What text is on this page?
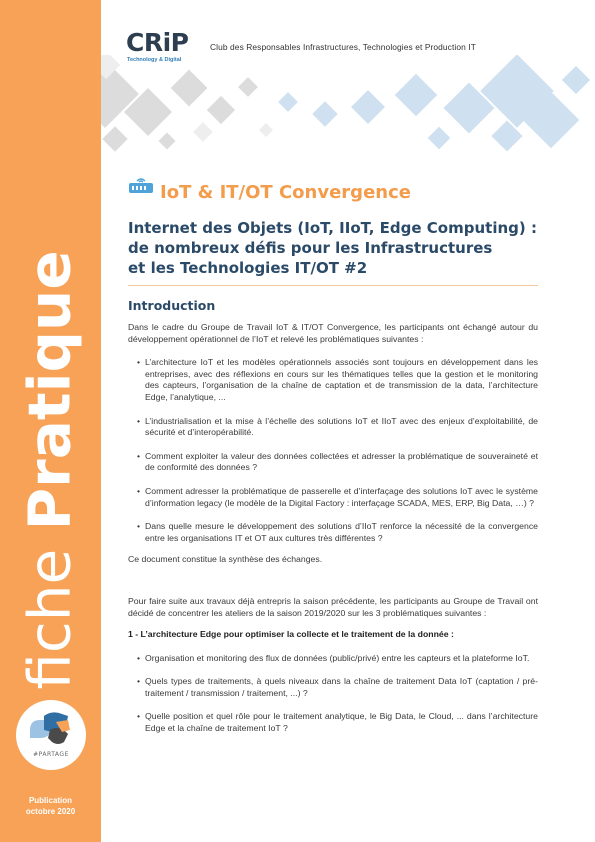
fiche Pratique
#PARTAGE
Publication
octobre 2020
CRiP
Technology & Digital
Club des Responsables Infrastructures, Technologies et Production IT
IoT & IT/OT Convergence
Internet des Objets (IoT, IIoT, Edge Computing) :
de nombreux défis pour les Infrastructures
et les Technologies IT/OT #2
Introduction

Dans le cadre du Groupe de Travail IoT & IT/OT Convergence, les participants ont échangé autour du développement opérationnel de l’IoT et relevé les problématiques suivantes :

• L’architecture IoT et les modèles opérationnels associés sont toujours en développement dans les entreprises, avec des réflexions en cours sur les thématiques telles que la gestion et le monitoring des capteurs, l’organisation de la chaîne de captation et de transmission de la data, l’architecture Edge, l’analytique, ...
• L’industrialisation et la mise à l’échelle des solutions IoT et IIoT avec des enjeux d’exploitabilité, de sécurité et d’interopérabilité.
• Comment exploiter la valeur des données collectées et adresser la problématique de souveraineté et de conformité des données ?
• Comment adresser la problématique de passerelle et d’interfaçage des solutions IoT avec le système d’information legacy (le modèle de la Digital Factory : interfaçage SCADA, MES, ERP, Big Data, …) ?
• Dans quelle mesure le développement des solutions d’IIoT renforce la nécessité de la convergence entre les organisations IT et OT aux cultures très différentes ?

Ce document constitue la synthèse des échanges.

Pour faire suite aux travaux déjà entrepris la saison précédente, les participants au Groupe de Travail ont décidé de concentrer les ateliers de la saison 2019/2020 sur les 3 problématiques suivantes :

1 - L’architecture Edge pour optimiser la collecte et le traitement de la donnée :

• Organisation et monitoring des flux de données (public/privé) entre les capteurs et la plateforme IoT.
• Quels types de traitements, à quels niveaux dans la chaîne de traitement Data IoT (captation / pré-traitement / transmission / traitement, ...) ?
• Quelle position et quel rôle pour le traitement analytique, le Big Data, le Cloud, ... dans l’architecture Edge et la chaîne de traitement IoT ?
